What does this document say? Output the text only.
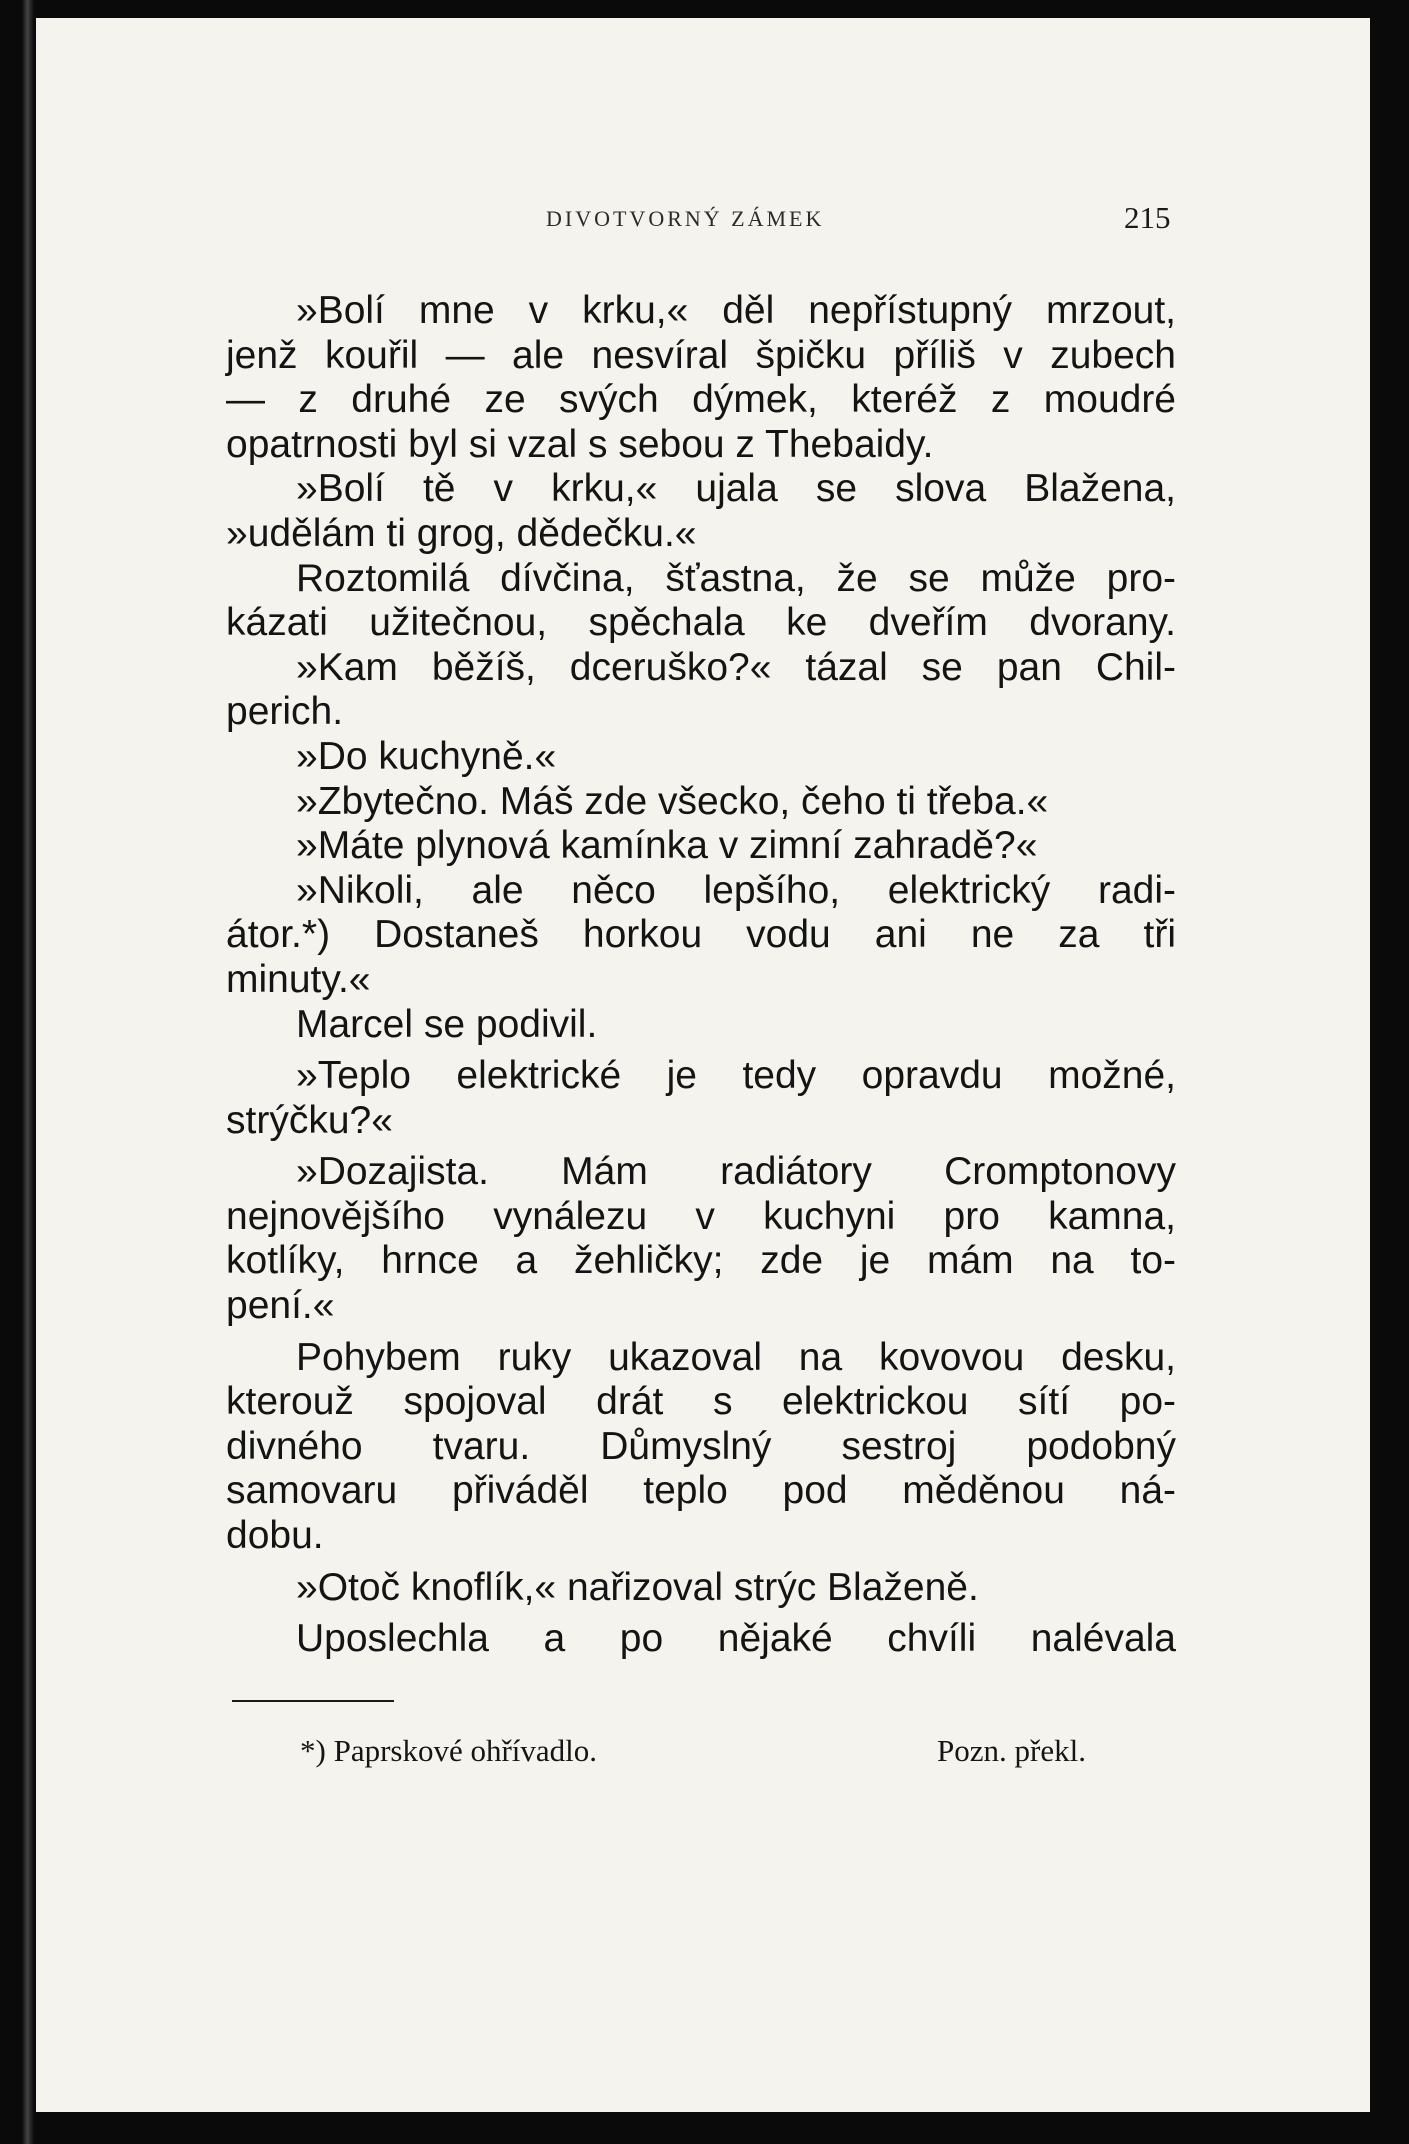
DIVOTVORNÝ ZÁMEK	215
»Bolí mne v krku,« děl nepřístupný mrzout,
jenž kouřil — ale nesvíral špičku příliš v zubech
— z druhé ze svých dýmek, kteréž z moudré
opatrnosti byl si vzal s sebou z Thebaidy.
»Bolí tě v krku,« ujala se slova Blažena,
»udělám ti grog, dědečku.«
Roztomilá dívčina, šťastna, že se může pro-
kázati užitečnou, spěchala ke dveřím dvorany.
»Kam běžíš, dceruško?« tázal se pan Chil-
perich.
»Do kuchyně.«
»Zbytečno. Máš zde všecko, čeho ti třeba.«
»Máte plynová kamínka v zimní zahradě?«
»Nikoli, ale něco lepšího, elektrický radi-
átor.*) Dostaneš horkou vodu ani ne za tři
minuty.«
Marcel se podivil.
»Teplo elektrické je tedy opravdu možné,
strýčku?«
»Dozajista. Mám radiátory Cromptonovy
nejnovějšího vynálezu v kuchyni pro kamna,
kotlíky, hrnce a žehličky; zde je mám na to-
pení.«
Pohybem ruky ukazoval na kovovou desku,
kterouž spojoval drát s elektrickou sítí po-
divného tvaru. Důmyslný sestroj podobný
samovaru přiváděl teplo pod měděnou ná-
dobu.
»Otoč knoflík,« nařizoval strýc Blaženě.
Uposlechla a po nějaké chvíli nalévala
*) Paprskové ohřívadlo.	Pozn. překl.
